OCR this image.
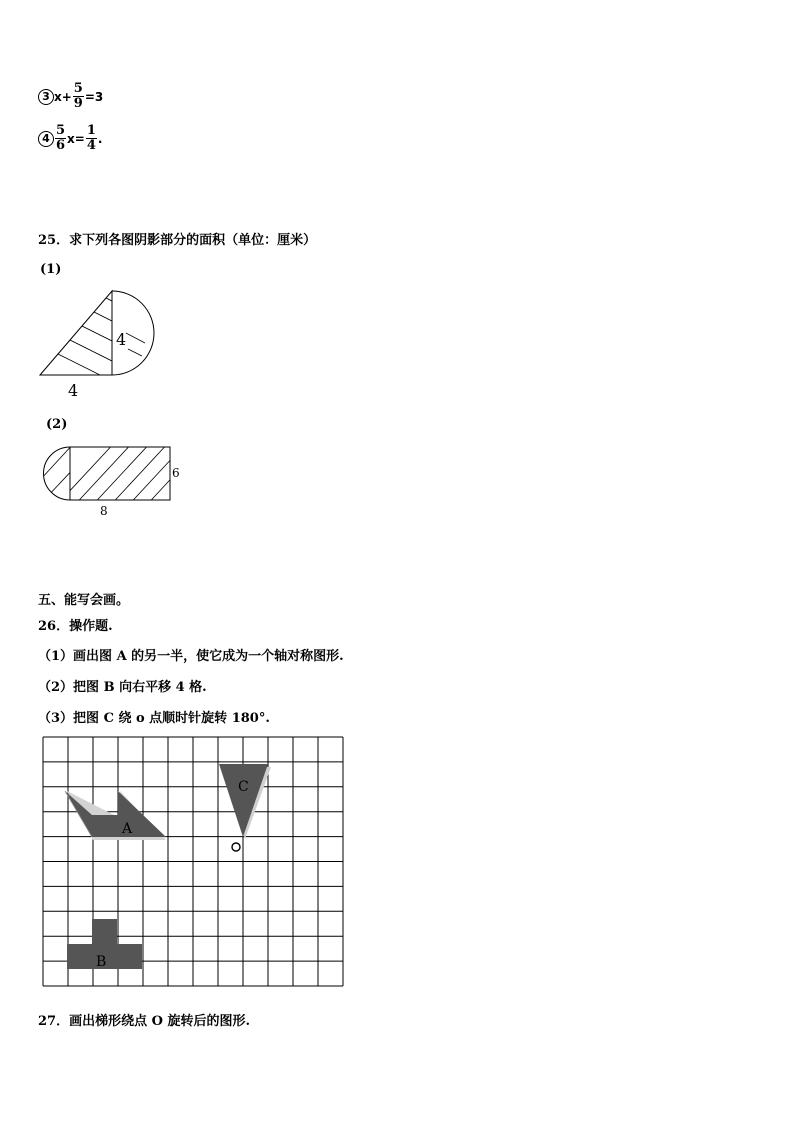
3 $x+ \frac{5}{9} =3$
$4 \frac{5}{6} x= \frac{1}{4}$ .
25．求下列各图阴影部分的面积（单位：厘米）
(1)
4
4
(2)
6
8
五、能写会画。
26．操作题.
（1）画出图 A 的另一半，使它成为一个轴对称图形.
（2）把图 B 向右平移 4 格.
（3）把图 C 绕 o 点顺时针旋转 180°.
A
C
B
27．画出梯形绕点 O 旋转后的图形.
